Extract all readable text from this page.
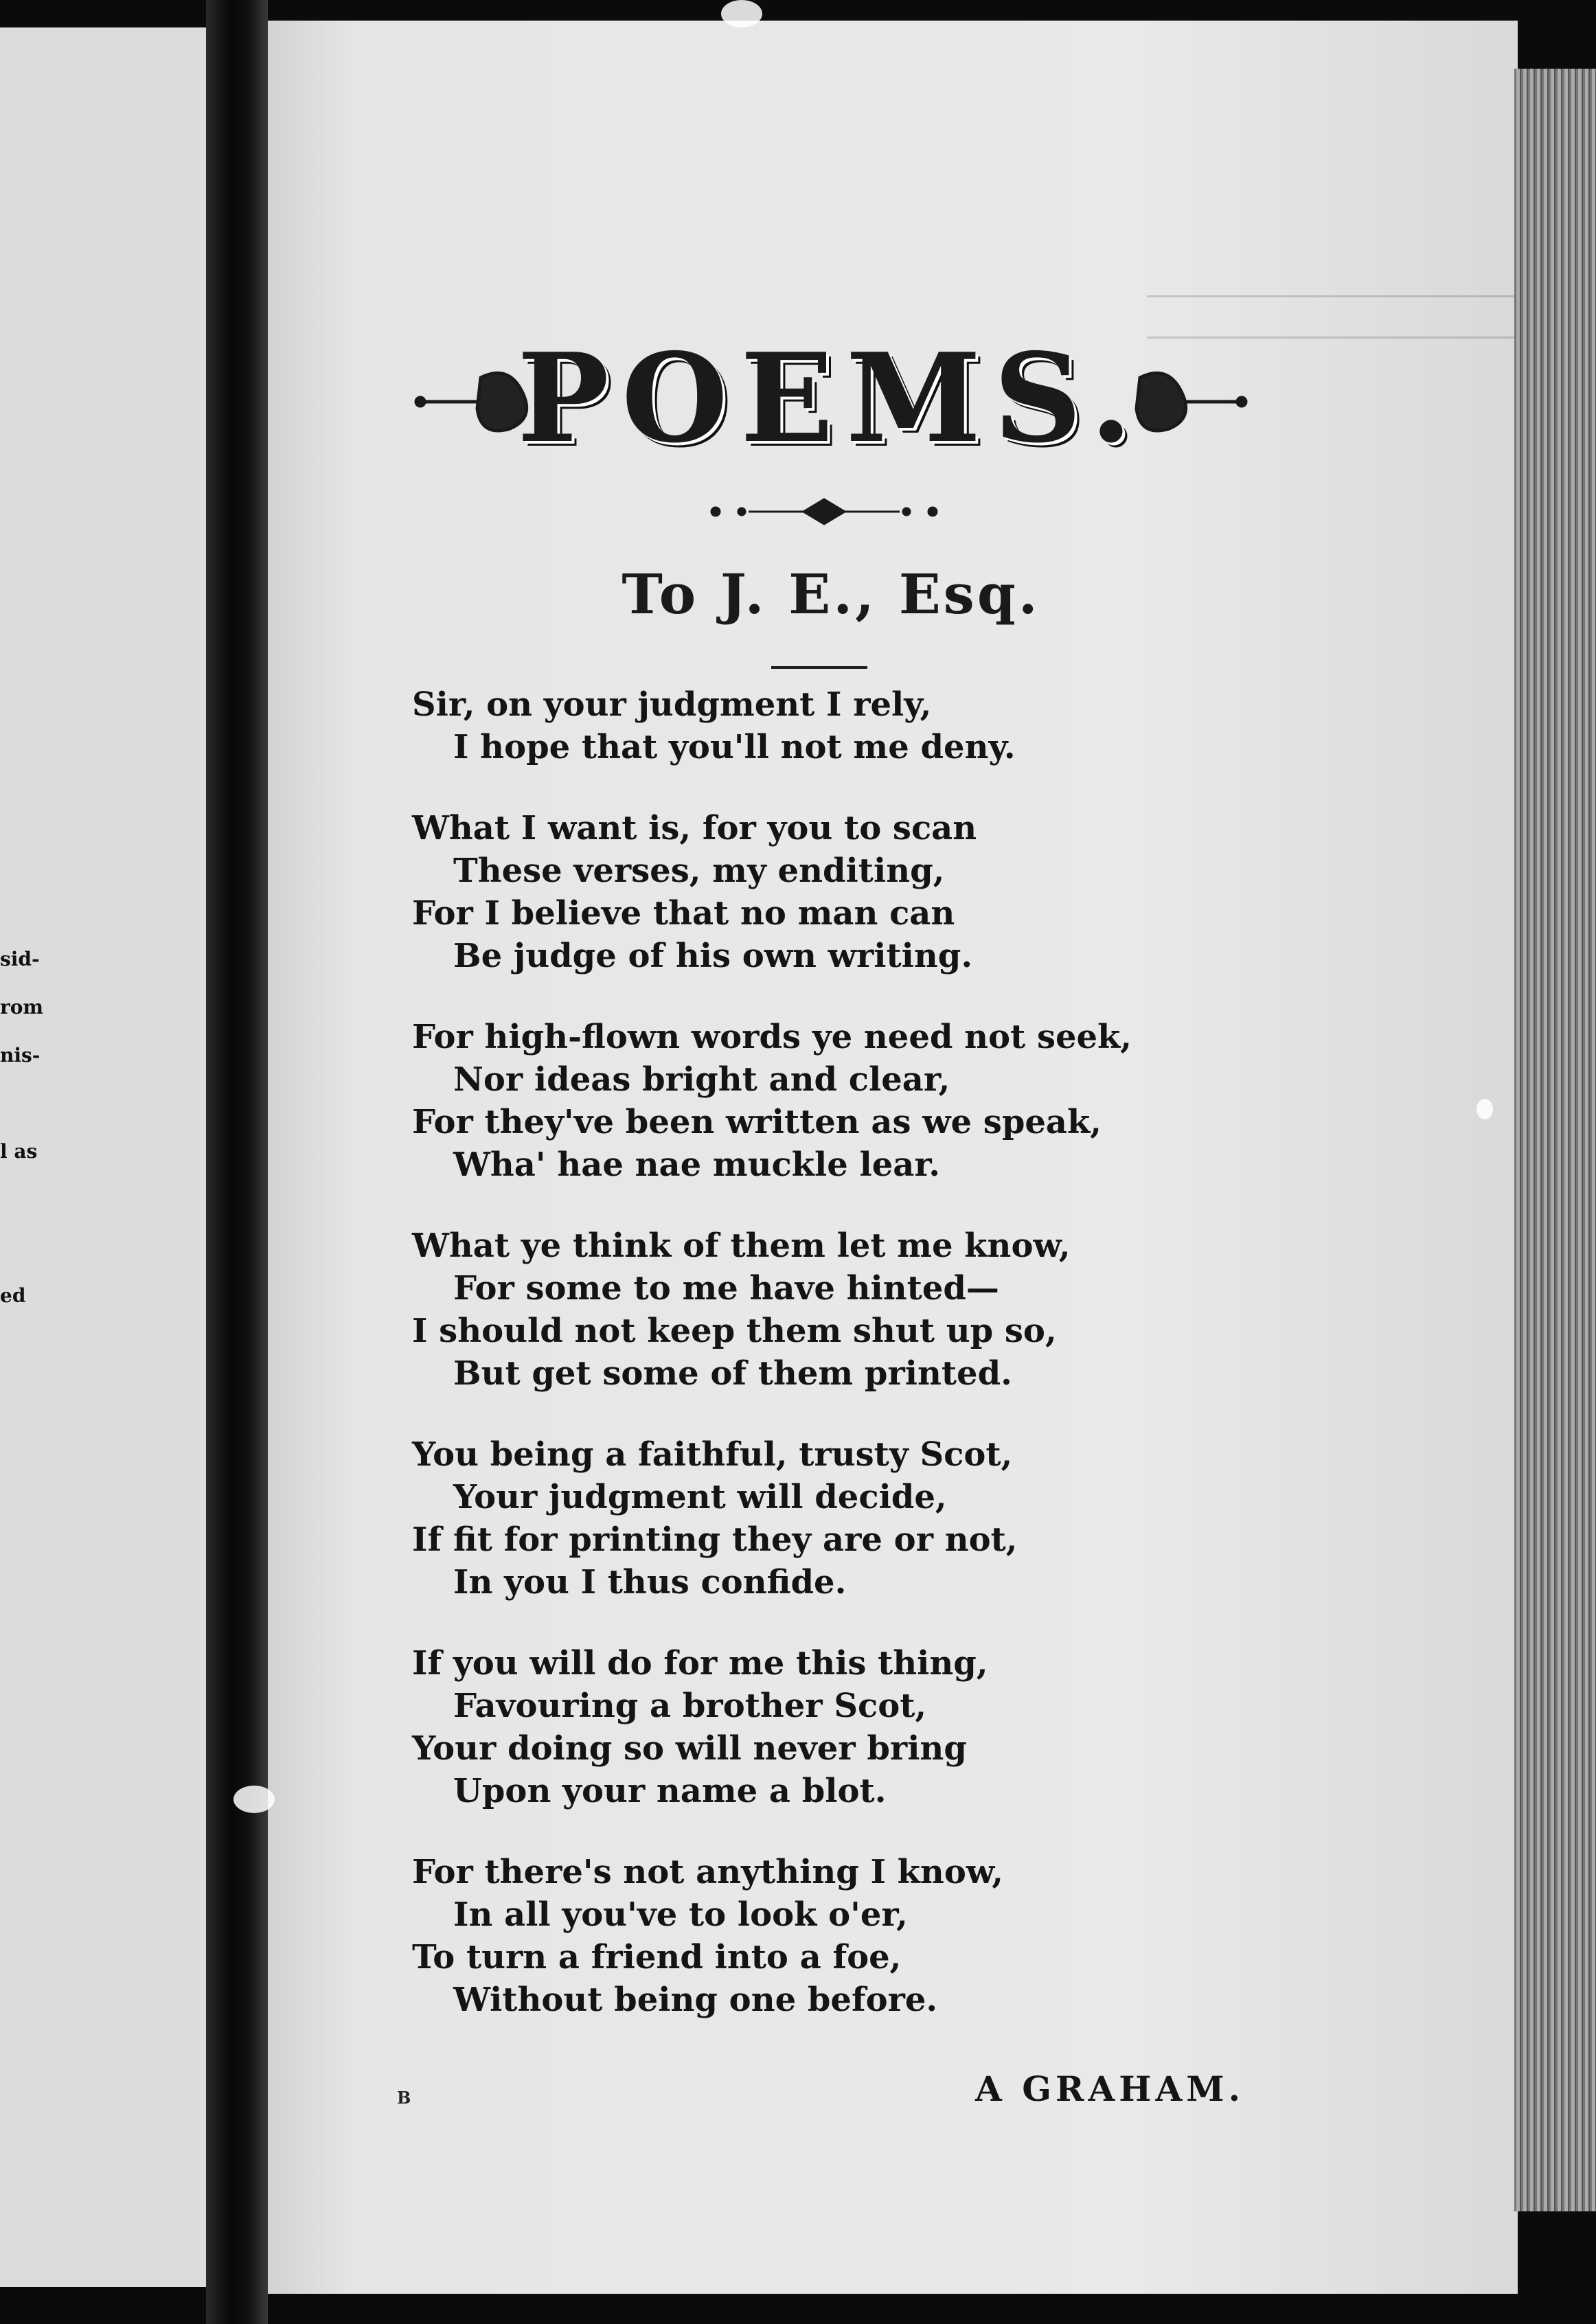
sid-
rom
nis-
l as
ed
POEMS.
To J. E., Esq.
Sir, on your judgment I rely,
I hope that you'll not me deny.
What I want is, for you to scan
These verses, my enditing,
For I believe that no man can
Be judge of his own writing.
For high-flown words ye need not seek,
Nor ideas bright and clear,
For they've been written as we speak,
Wha' hae nae muckle lear.
What ye think of them let me know,
For some to me have hinted—
I should not keep them shut up so,
But get some of them printed.
You being a faithful, trusty Scot,
Your judgment will decide,
If fit for printing they are or not,
In you I thus confide.
If you will do for me this thing,
Favouring a brother Scot,
Your doing so will never bring
Upon your name a blot.
For there's not anything I know,
In all you've to look o'er,
To turn a friend into a foe,
Without being one before.
B	A GRAHAM.
